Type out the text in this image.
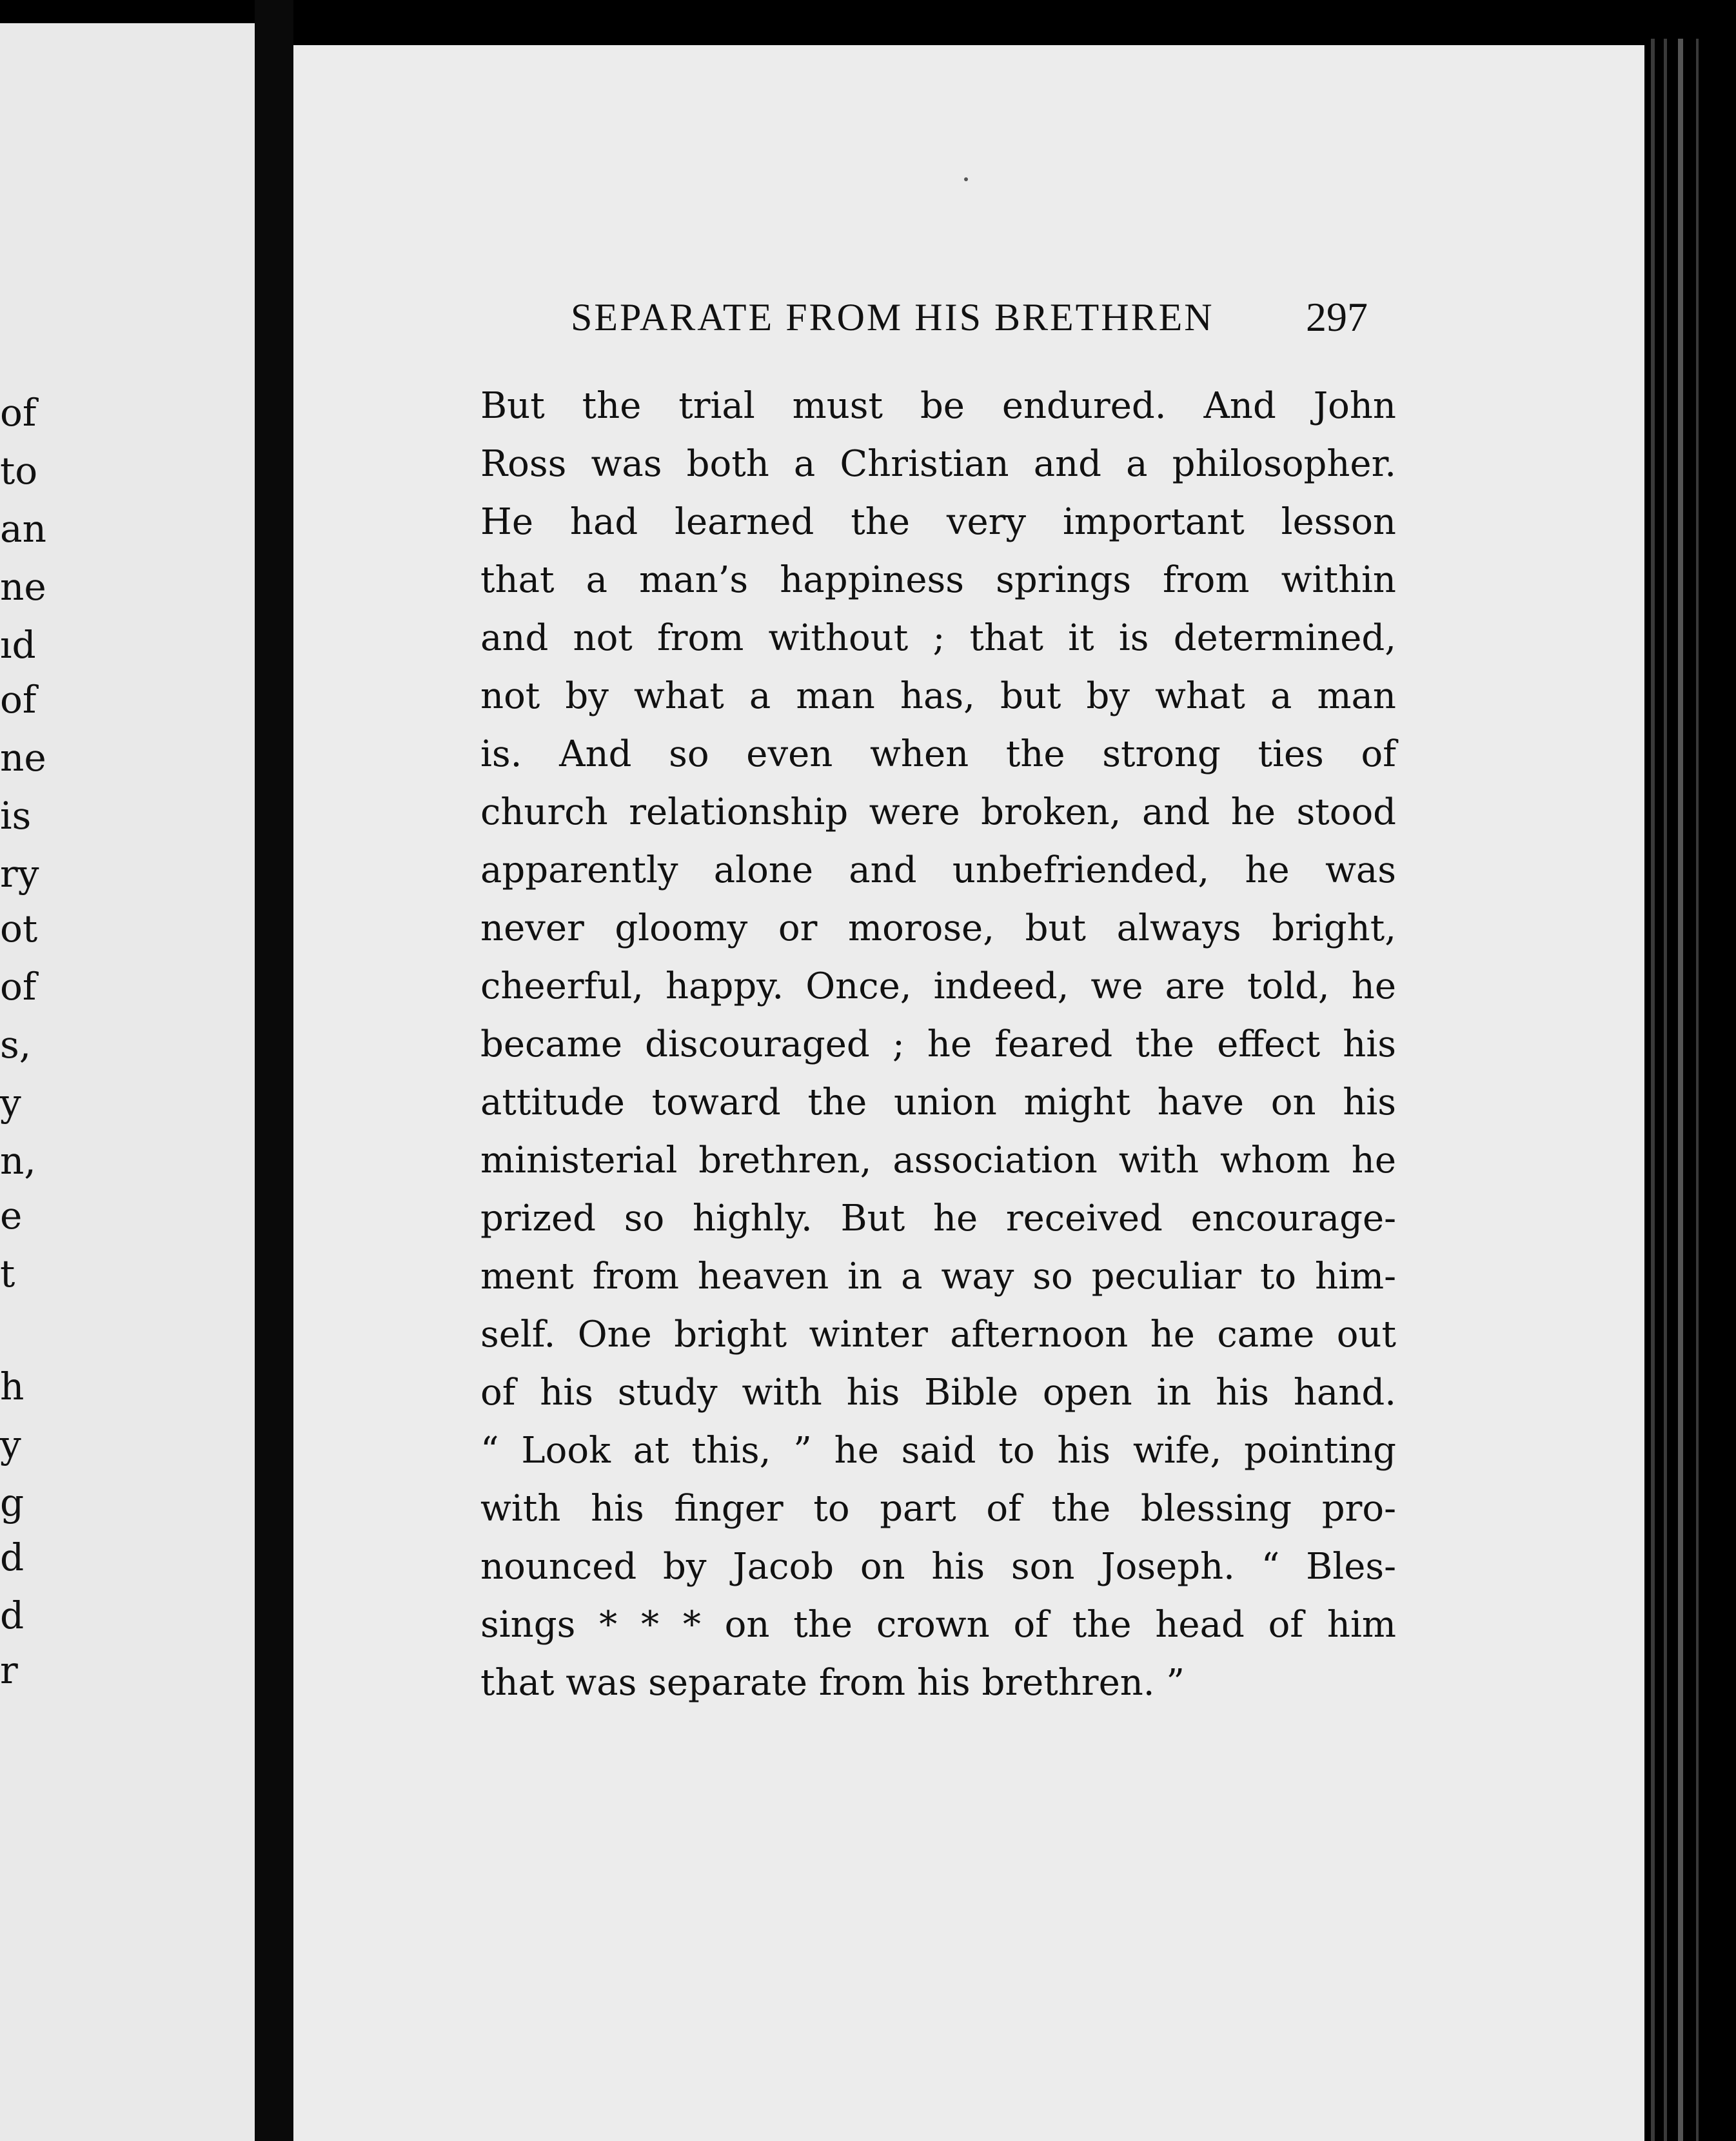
of
to
an
ne
ıd
of
ne
is
ry
ot
of
s,
y
n,
e
t
h
y
g
d
d
r
SEPARATE FROM HIS BRETHREN	297
But the trial must be endured. And John
Ross was both a Christian and a philosopher.
He had learned the very important lesson
that a man’s happiness springs from within
and not from without ; that it is determined,
not by what a man has, but by what a man
is. And so even when the strong ties of
church relationship were broken, and he stood
apparently alone and unbefriended, he was
never gloomy or morose, but always bright,
cheerful, happy. Once, indeed, we are told, he
became discouraged ; he feared the effect his
attitude toward the union might have on his
ministerial brethren, association with whom he
prized so highly. But he received encourage-
ment from heaven in a way so peculiar to him-
self. One bright winter afternoon he came out
of his study with his Bible open in his hand.
“ Look at this, ” he said to his wife, pointing
with his finger to part of the blessing pro-
nounced by Jacob on his son Joseph. “ Bles-
sings * * * on the crown of the head of him
that was separate from his brethren. ”
